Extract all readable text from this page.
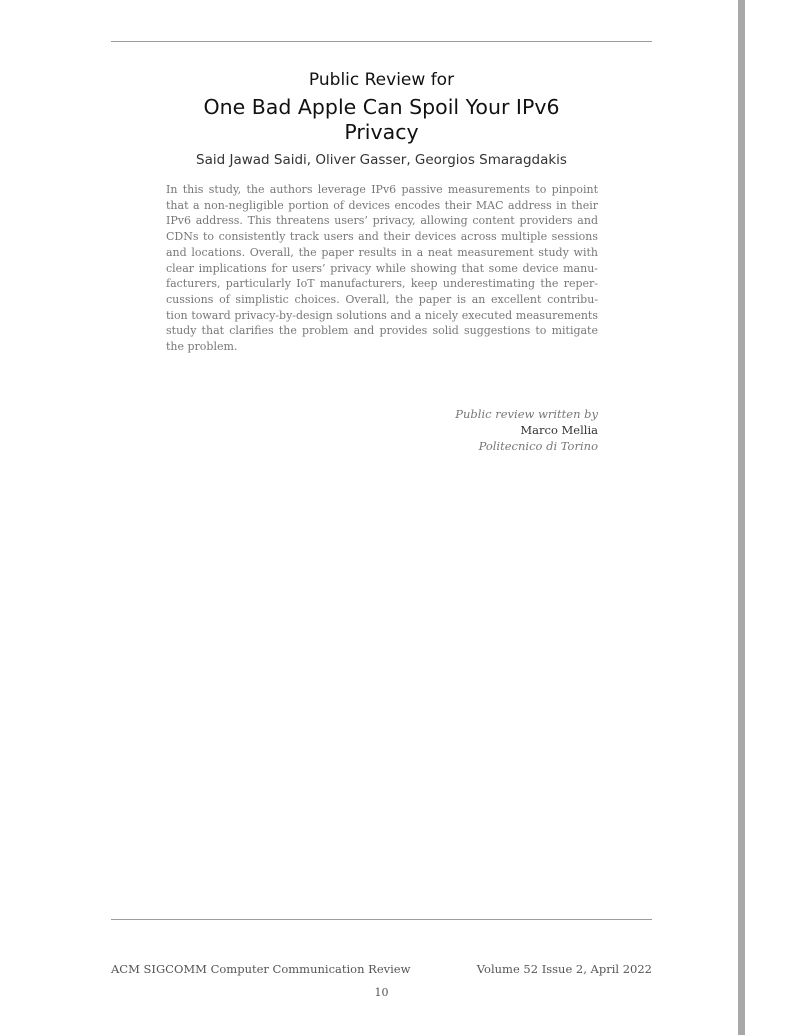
Public Review for
One Bad Apple Can Spoil Your IPv6
Privacy
Said Jawad Saidi, Oliver Gasser, Georgios Smaragdakis
In this study, the authors leverage IPv6 passive measurements to pinpoint
that a non-negligible portion of devices encodes their MAC address in their
IPv6 address. This threatens users’ privacy, allowing content providers and
CDNs to consistently track users and their devices across multiple sessions
and locations. Overall, the paper results in a neat measurement study with
clear implications for users’ privacy while showing that some device manu-
facturers, particularly IoT manufacturers, keep underestimating the reper-
cussions of simplistic choices. Overall, the paper is an excellent contribu-
tion toward privacy-by-design solutions and a nicely executed measurements
study that clarifies the problem and provides solid suggestions to mitigate
the problem.
Public review written by
Marco Mellia
Politecnico di Torino
ACM SIGCOMM Computer Communication Review	Volume 52 Issue 2, April 2022
10
